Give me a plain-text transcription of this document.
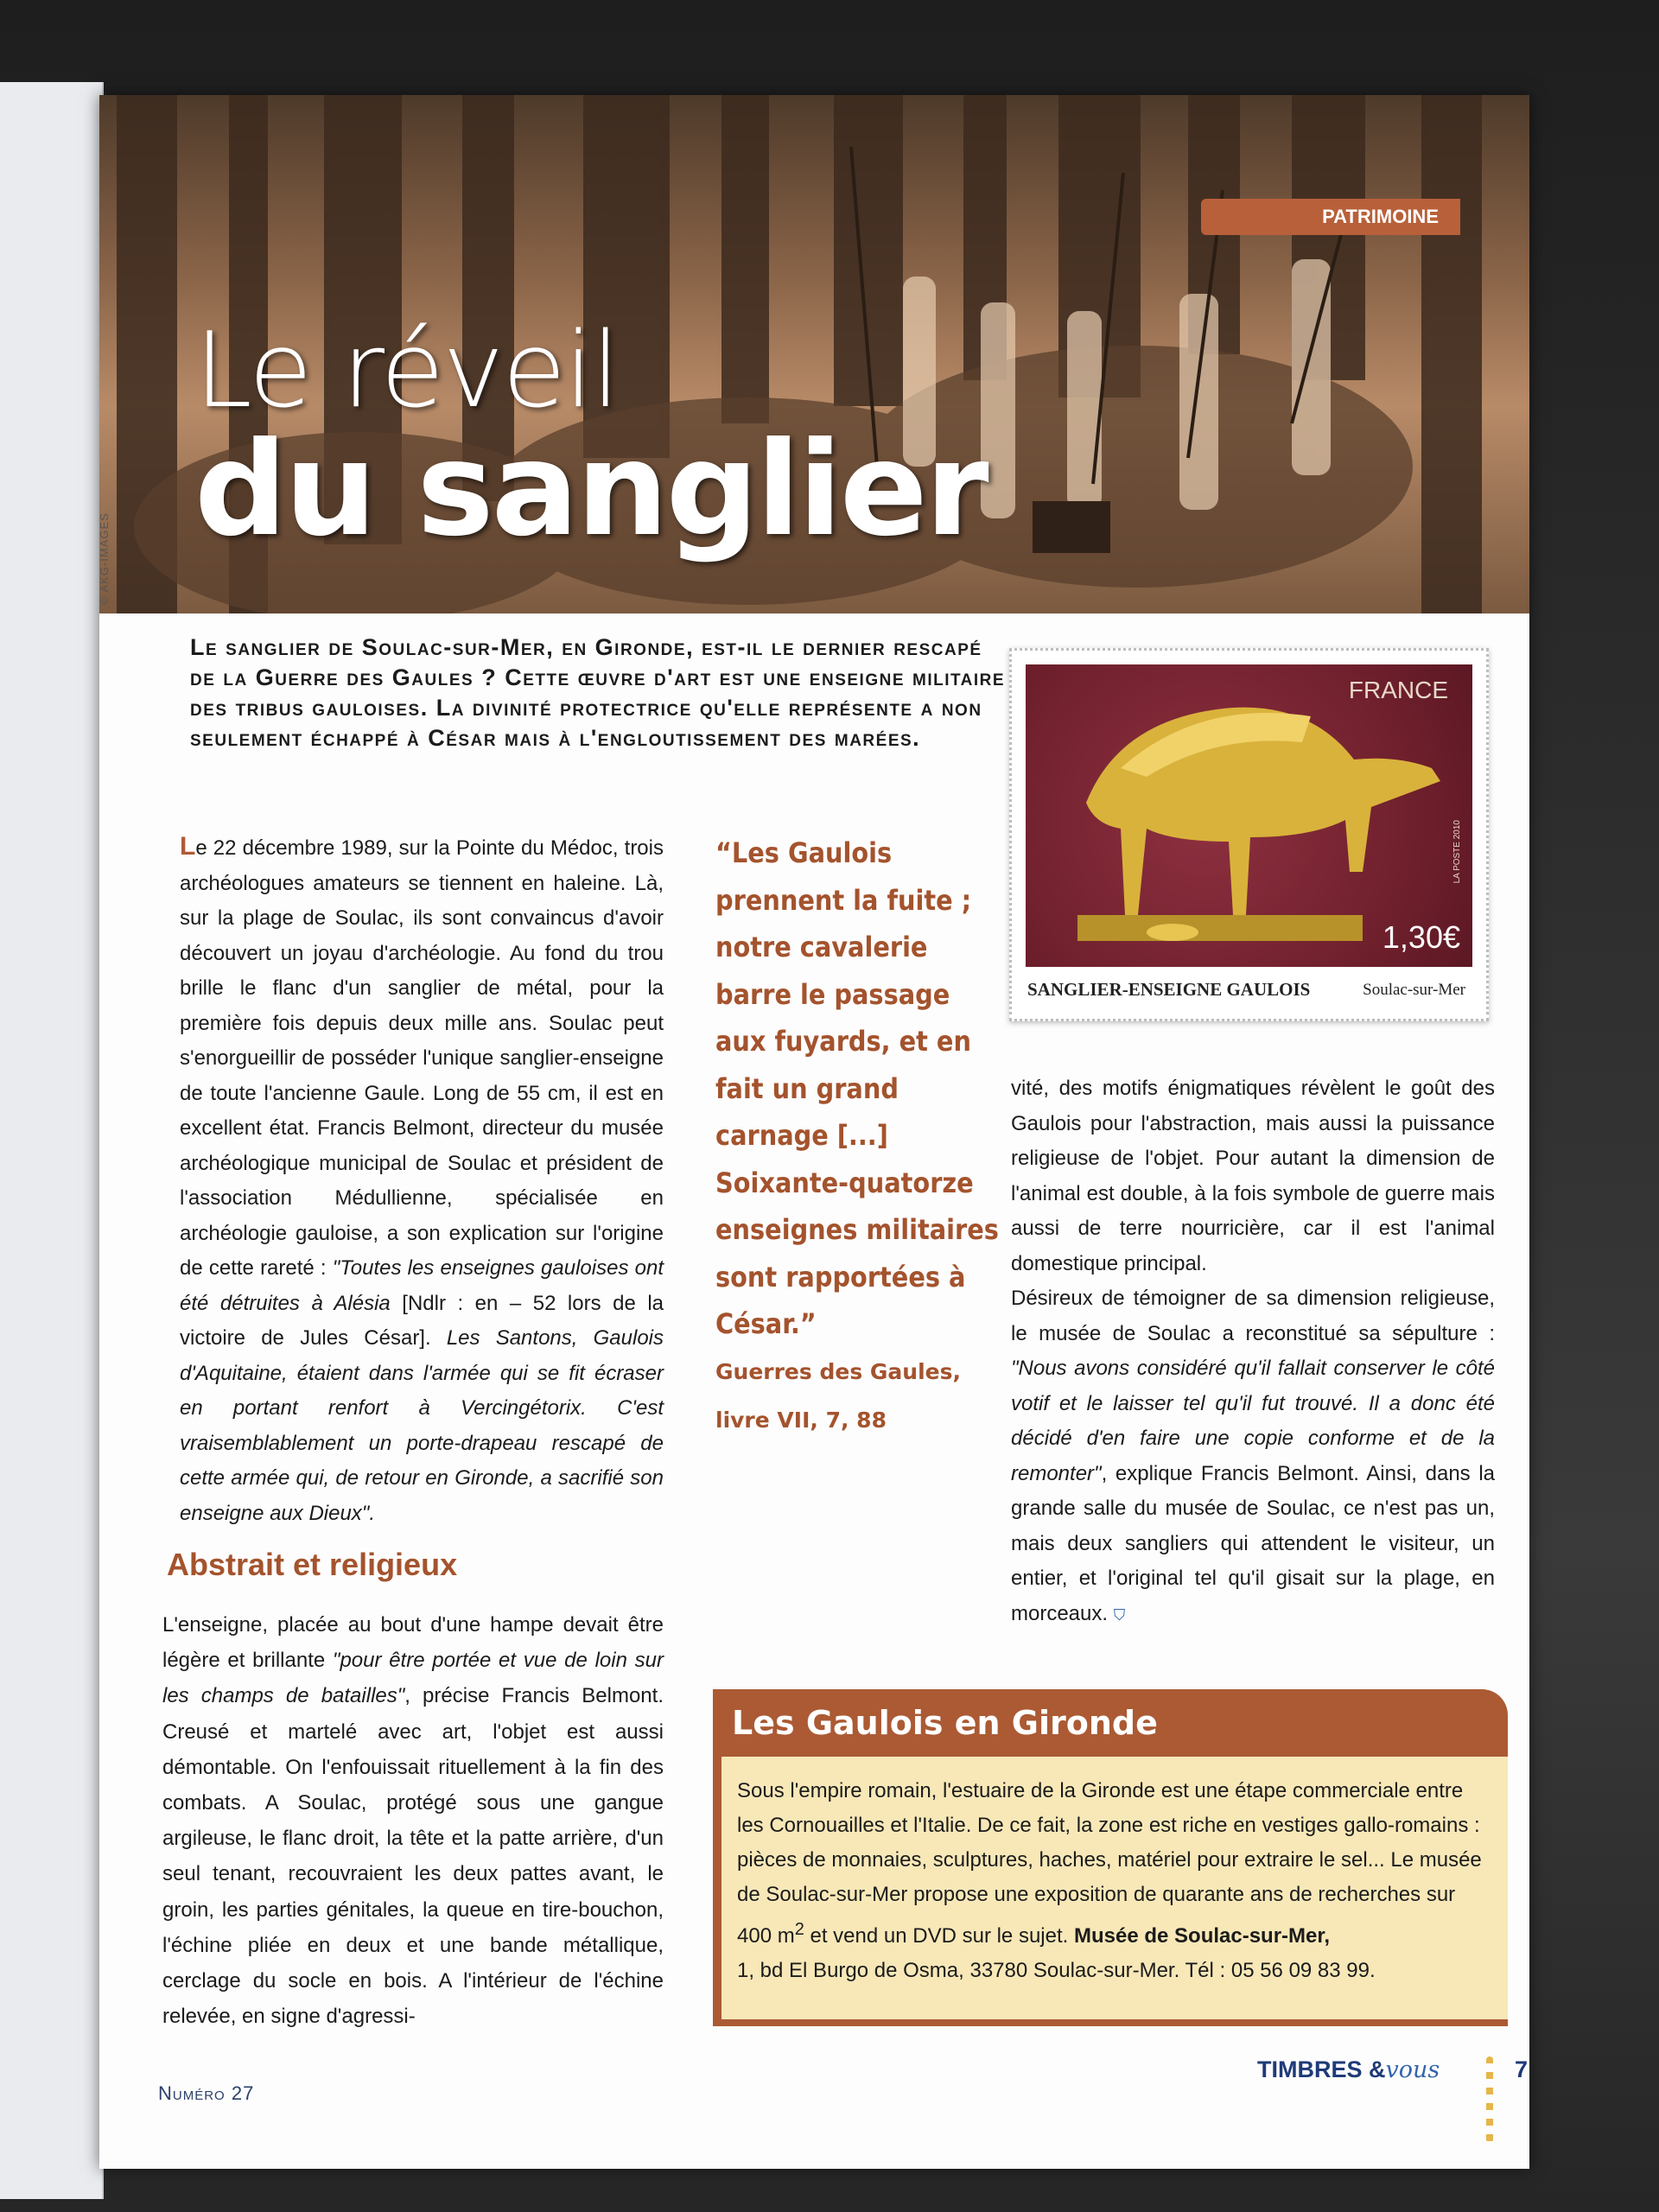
PATRIMOINE
Le réveil
du sanglier
© AKG-IMAGES
Le sanglier de Soulac-sur-Mer, en Gironde, est-il le dernier rescapé de la Guerre des Gaules ? Cette œuvre d'art est une enseigne militaire des tribus gauloises. La divinité protectrice qu'elle représente a non seulement échappé à César mais à l'engloutissement des marées.
FRANCE
LA POSTE 2010
1,30€
SANGLIER-ENSEIGNE GAULOIS	Soulac-sur-Mer
Le 22 décembre 1989, sur la Pointe du Médoc, trois archéologues amateurs se tiennent en haleine. Là, sur la plage de Soulac, ils sont convaincus d'avoir découvert un joyau d'archéologie. Au fond du trou brille le flanc d'un sanglier de métal, pour la première fois depuis deux mille ans. Soulac peut s'enorgueillir de posséder l'unique sanglier-enseigne de toute l'ancienne Gaule. Long de 55 cm, il est en excellent état. Francis Belmont, directeur du musée archéologique municipal de Soulac et président de l'association Médullienne, spécialisée en archéologie gauloise, a son explication sur l'origine de cette rareté : "Toutes les enseignes gauloises ont été détruites à Alésia [Ndlr : en – 52 lors de la victoire de Jules César]. Les Santons, Gaulois d'Aquitaine, étaient dans l'armée qui se fit écraser en portant renfort à Vercingétorix. C'est vraisemblablement un porte-drapeau rescapé de cette armée qui, de retour en Gironde, a sacrifié son enseigne aux Dieux".
“Les Gaulois prennent la fuite ; notre cavalerie barre le passage aux fuyards, et en fait un grand carnage [...] Soixante-quatorze enseignes militaires sont rapportées à César.”
Guerres des Gaules,
livre VII, 7, 88
vité, des motifs énigmatiques révèlent le goût des Gaulois pour l'abstraction, mais aussi la puissance religieuse de l'objet. Pour autant la dimension de l'animal est double, à la fois symbole de guerre mais aussi de terre nourricière, car il est l'animal domestique principal.
Désireux de témoigner de sa dimension religieuse, le musée de Soulac a reconstitué sa sépulture : "Nous avons considéré qu'il fallait conserver le côté votif et le laisser tel qu'il fut trouvé. Il a donc été décidé d'en faire une copie conforme et de la remonter", explique Francis Belmont. Ainsi, dans la grande salle du musée de Soulac, ce n'est pas un, mais deux sangliers qui attendent le visiteur, un entier, et l'original tel qu'il gisait sur la plage, en morceaux. ⛉
Abstrait et religieux
L'enseigne, placée au bout d'une hampe devait être légère et brillante "pour être portée et vue de loin sur les champs de batailles", précise Francis Belmont. Creusé et martelé avec art, l'objet est aussi démontable. On l'enfouissait rituellement à la fin des combats. A Soulac, protégé sous une gangue argileuse, le flanc droit, la tête et la patte arrière, d'un seul tenant, recouvraient les deux pattes avant, le groin, les parties génitales, la queue en tire-bouchon, l'échine pliée en deux et une bande métallique, cerclage du socle en bois. A l'intérieur de l'échine relevée, en signe d'agressi-
Les Gaulois en Gironde
Sous l'empire romain, l'estuaire de la Gironde est une étape commerciale entre les Cornouailles et l'Italie. De ce fait, la zone est riche en vestiges gallo-romains : pièces de monnaies, sculptures, haches, matériel pour extraire le sel... Le musée de Soulac-sur-Mer propose une exposition de quarante ans de recherches sur 400 $m^2$ et vend un DVD sur le sujet. Musée de Soulac-sur-Mer,
1, bd El Burgo de Osma, 33780 Soulac-sur-Mer. Tél : 05 56 09 83 99.
Numéro 27
TIMBRES &vous	7
